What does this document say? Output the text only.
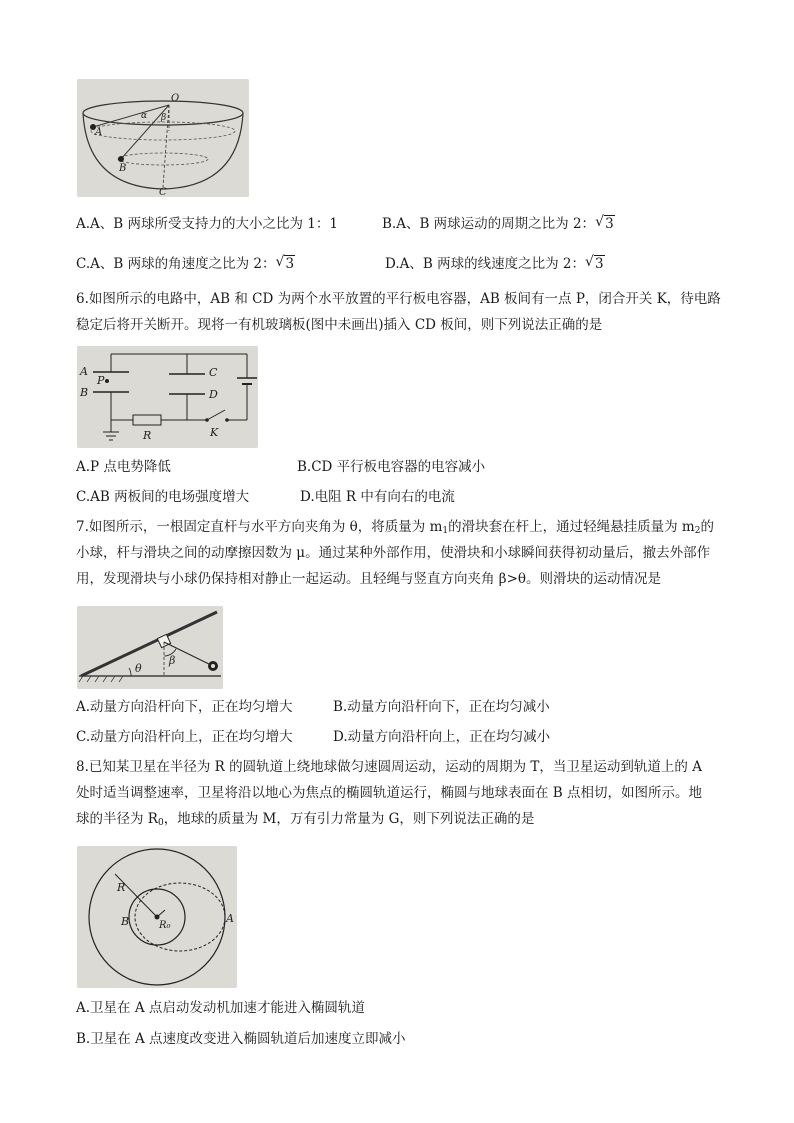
O
α β
A
B
C
A.A、B 两球所受支持力的大小之比为 1：1	B.A、B 两球运动的周期之比为 2： √ 3
C.A、B 两球的角速度之比为 2： √ 3	D.A、B 两球的线速度之比为 2： √ 3
6.如图所示的电路中，AB 和 CD 为两个水平放置的平行板电容器，AB 板间有一点 P，闭合开关 K，待电路
稳定后将开关断开。现将一有机玻璃板(图中未画出)插入 CD 板间，则下列说法正确的是
A
P
B
C
D
R	K
A.P 点电势降低	B.CD 平行板电容器的电容减小
C.AB 两板间的电场强度增大	D.电阻 R 中有向右的电流
7.如图所示，一根固定直杆与水平方向夹角为 θ，将质量为 $m_1$的滑块套在杆上，通过轻绳悬挂质量为 $m_2$的
小球，杆与滑块之间的动摩擦因数为 μ。通过某种外部作用，使滑块和小球瞬间获得初动量后，撤去外部作
用，发现滑块与小球仍保持相对静止一起运动。且轻绳与竖直方向夹角 β>θ。则滑块的运动情况是
θ
β
A.动量方向沿杆向下，正在均匀增大	B.动量方向沿杆向下，正在均匀减小
C.动量方向沿杆向上，正在均匀增大	D.动量方向沿杆向上，正在均匀减小
8.已知某卫星在半径为 R 的圆轨道上绕地球做匀速圆周运动，运动的周期为 T，当卫星运动到轨道上的 A
处时适当调整速率，卫星将沿以地心为焦点的椭圆轨道运行，椭圆与地球表面在 B 点相切，如图所示。地
球的半径为 $R_0$，地球的质量为 M，万有引力常量为 G，则下列说法正确的是
R
B	R₀
A
A.卫星在 A 点启动发动机加速才能进入椭圆轨道
B.卫星在 A 点速度改变进入椭圆轨道后加速度立即减小
